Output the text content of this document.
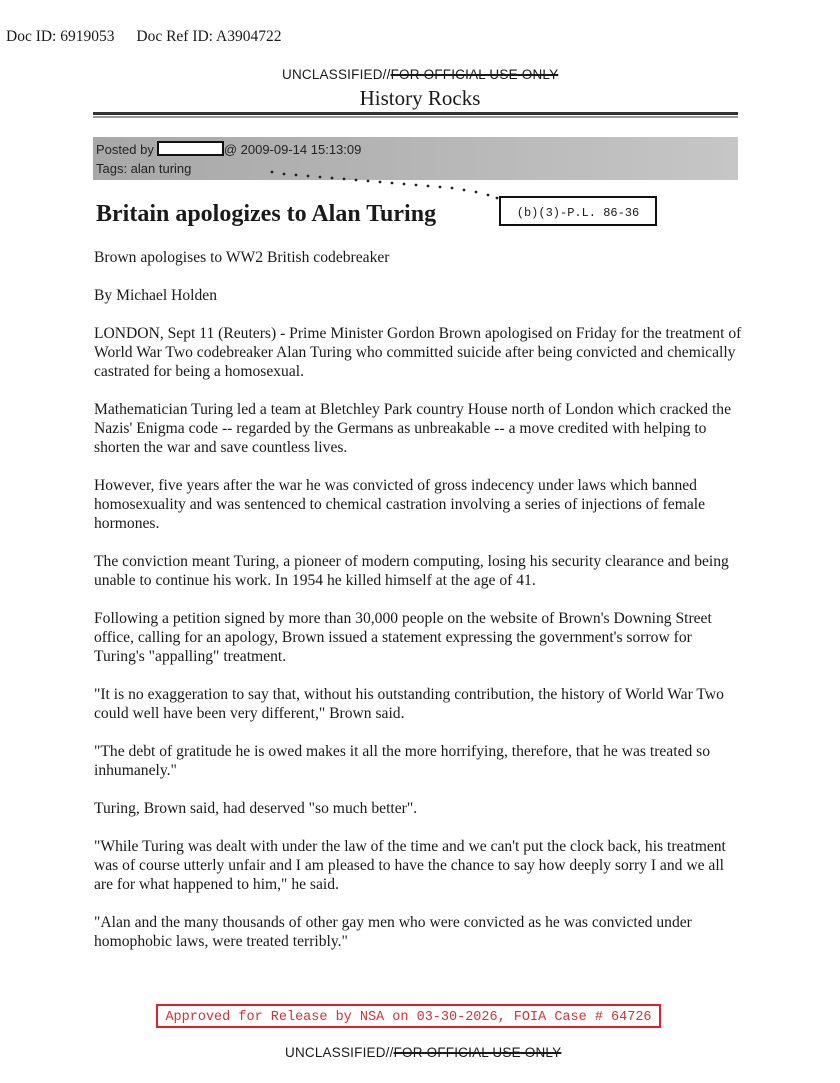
Doc ID: 6919053 Doc Ref ID: A3904722
UNCLASSIFIED//FOR OFFICIAL USE ONLY
History Rocks
Posted by	@ 2009-09-14 15:13:09
Tags: alan turing
Britain apologizes to Alan Turing	(b)(3)-P.L. 86-36

Brown apologises to WW2 British codebreaker

By Michael Holden

LONDON, Sept 11 (Reuters) - Prime Minister Gordon Brown apologised on Friday for the treatment of World War Two codebreaker Alan Turing who committed suicide after being convicted and chemically castrated for being a homosexual.

Mathematician Turing led a team at Bletchley Park country House north of London which cracked the Nazis' Enigma code -- regarded by the Germans as unbreakable -- a move credited with helping to shorten the war and save countless lives.

However, five years after the war he was convicted of gross indecency under laws which banned homosexuality and was sentenced to chemical castration involving a series of injections of female hormones.

The conviction meant Turing, a pioneer of modern computing, losing his security clearance and being unable to continue his work. In 1954 he killed himself at the age of 41.

Following a petition signed by more than 30,000 people on the website of Brown's Downing Street office, calling for an apology, Brown issued a statement expressing the government's sorrow for Turing's "appalling" treatment.

"It is no exaggeration to say that, without his outstanding contribution, the history of World War Two could well have been very different," Brown said.

"The debt of gratitude he is owed makes it all the more horrifying, therefore, that he was treated so inhumanely."

Turing, Brown said, had deserved "so much better".

"While Turing was dealt with under the law of the time and we can't put the clock back, his treatment was of course utterly unfair and I am pleased to have the chance to say how deeply sorry I and we all are for what happened to him," he said.

"Alan and the many thousands of other gay men who were convicted as he was convicted under homophobic laws, were treated terribly."

Approved for Release by NSA on 03-30-2026, FOIA Case # 64726
UNCLASSIFIED//FOR OFFICIAL USE ONLY
